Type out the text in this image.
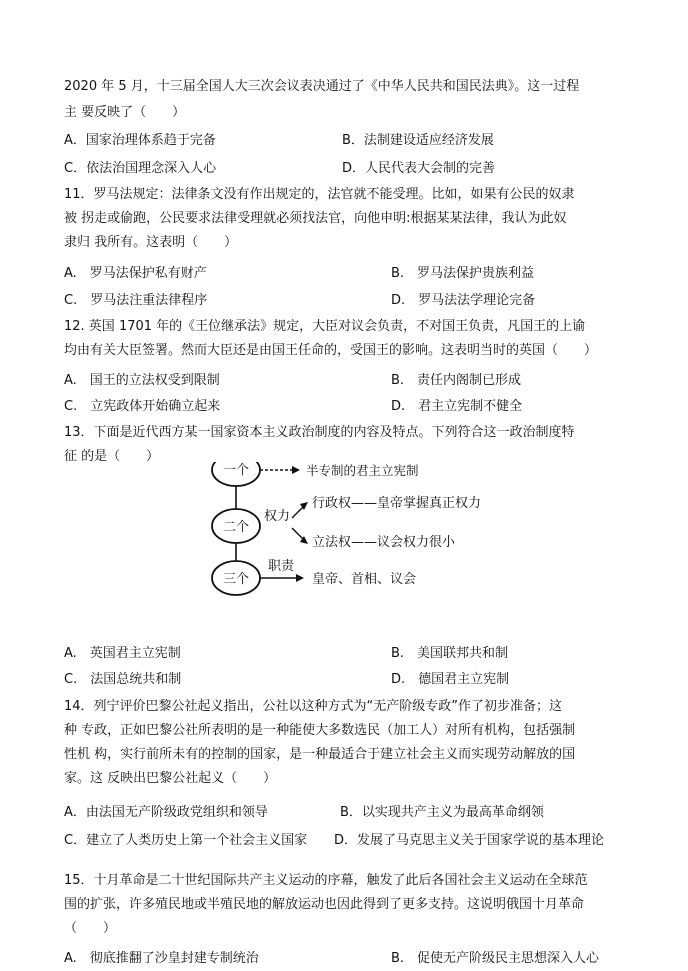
2020 年 5 月，十三届全国人大三次会议表决通过了《中华人民共和国民法典》。这一过程
主 要反映了（　　）
A．国家治理体系趋于完备	B．法制建设适应经济发展
C．依法治国理念深入人心	D．人民代表大会制的完善
11．罗马法规定：法律条文没有作出规定的，法官就不能受理。比如，如果有公民的奴隶
被 拐走或偷跑，公民要求法律受理就必须找法官，向他申明:根据某某法律，我认为此奴
隶归 我所有。这表明（　　）
A.　罗马法保护私有财产	B.　罗马法保护贵族利益
C.　罗马法注重法律程序	D.　罗马法法学理论完备
12. 英国 1701 年的《王位继承法》规定，大臣对议会负责，不对国王负责，凡国王的上谕
均由有关大臣签署。然而大臣还是由国王任命的，受国王的影响。这表明当时的英国（　　）
A.　国王的立法权受到限制	B.　责任内阁制已形成
C.　立宪政体开始确立起来	D.　君主立宪制不健全
13．下面是近代西方某一国家资本主义政治制度的内容及特点。下列符合这一政治制度特
征 的是（　　）
一个	半专制的君主立宪制
二个
权力
行政权——皇帝掌握真正权力
立法权——议会权力很小
三个
职责
皇帝、首相、议会
A.　英国君主立宪制	B.　美国联邦共和制
C.　法国总统共和制	D.　德国君主立宪制
14．列宁评价巴黎公社起义指出，公社以这种方式为“无产阶级专政”作了初步准备；这
种 专政，正如巴黎公社所表明的是一种能使大多数选民（加工人）对所有机构，包括强制
性机 构，实行前所未有的控制的国家，是一种最适合于建立社会主义而实现劳动解放的国
家。这 反映出巴黎公社起义（　　）
A．由法国无产阶级政党组织和领导	B．以实现共产主义为最高革命纲领
C．建立了人类历史上第一个社会主义国家 D．发展了马克思主义关于国家学说的基本理论
15．十月革命是二十世纪国际共产主义运动的序幕，触发了此后各国社会主义运动在全球范
围的扩张，许多殖民地或半殖民地的解放运动也因此得到了更多支持。这说明俄国十月革命
（　　）
A.　彻底推翻了沙皇封建专制统治	B.　促使无产阶级民主思想深入人心
